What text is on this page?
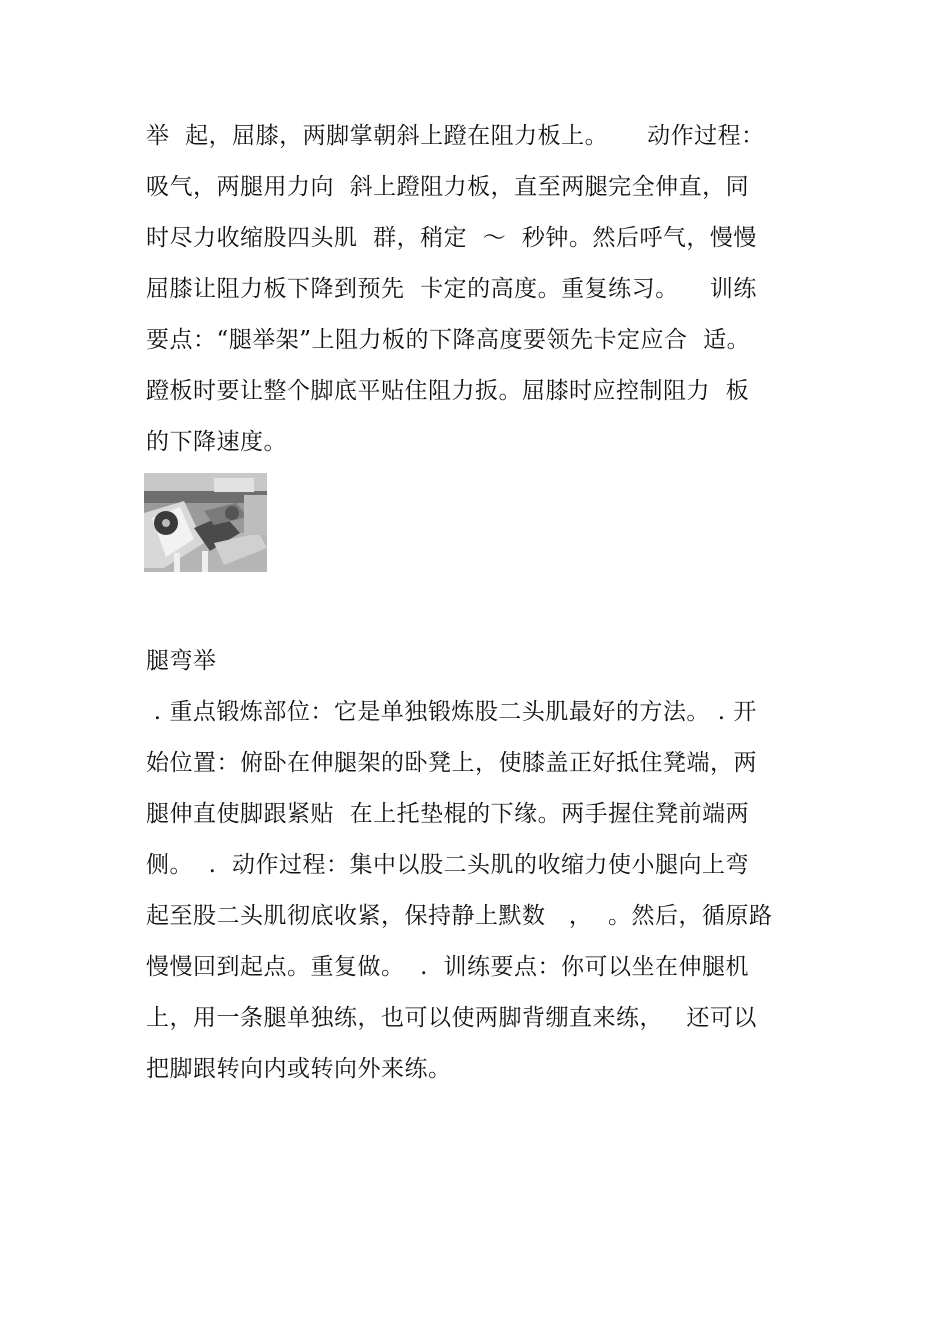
举  起，屈膝，两脚掌朝斜上蹬在阻力板上。     动作过程：
吸气，两腿用力向  斜上蹬阻力板，直至两腿完全伸直，同
时尽力收缩股四头肌  群，稍定  ～  秒钟。然后呼气，慢慢
屈膝让阻力板下降到预先  卡定的高度。重复练习。    训练
要点：“腿举架”上阻力板的下降高度要领先卡定应合  适。
蹬板时要让整个脚底平贴住阻力扳。屈膝时应控制阻力  板
的下降速度。
腿弯举
. 重点锻炼部位：它是单独锻炼股二头肌最好的方法。 . 开
始位置：俯卧在伸腿架的卧凳上，使膝盖正好抵住凳端，两
腿伸直使脚跟紧贴  在上托垫棍的下缘。两手握住凳前端两
侧。  .  动作过程：集中以股二头肌的收缩力使小腿向上弯
起至股二头肌彻底收紧，保持静上默数   ，  。然后，循原路
慢慢回到起点。重复做。  .  训练要点：你可以坐在伸腿机
上，用一条腿单独练，也可以使两脚背绷直来练，   还可以
把脚跟转向内或转向外来练。
